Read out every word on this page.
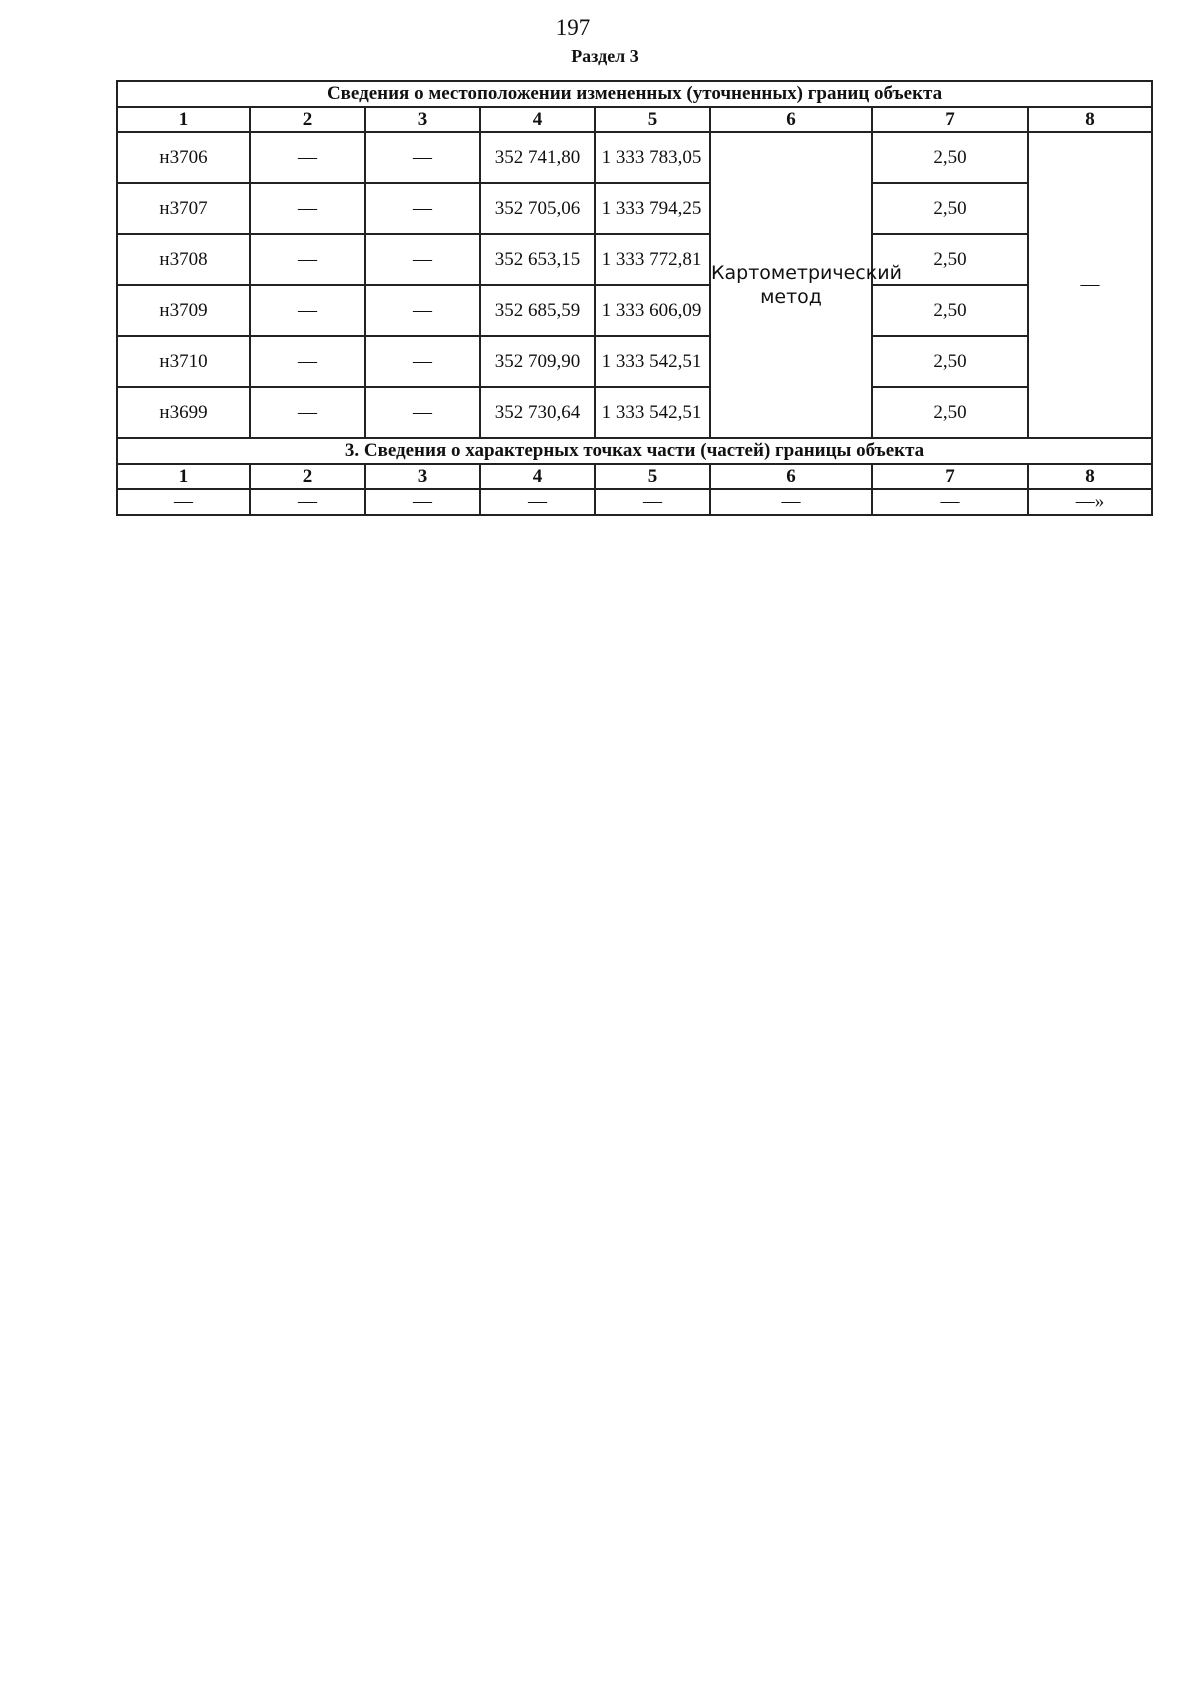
197
Раздел 3
Сведения о местоположении измененных (уточненных) границ объекта							
1	2	3	4	5	6	7	8
н3706	—	—	352 741,80	1 333 783,05	Картометрический метод	2,50	—
н3707	—	—	352 705,06	1 333 794,25		2,50	
н3708	—	—	352 653,15	1 333 772,81		2,50	
н3709	—	—	352 685,59	1 333 606,09		2,50	
н3710	—	—	352 709,90	1 333 542,51		2,50	
н3699	—	—	352 730,64	1 333 542,51		2,50	
3. Сведения о характерных точках части (частей) границы объекта							
1	2	3	4	5	6	7	8
—	—	—	—	—	—	—	—»
